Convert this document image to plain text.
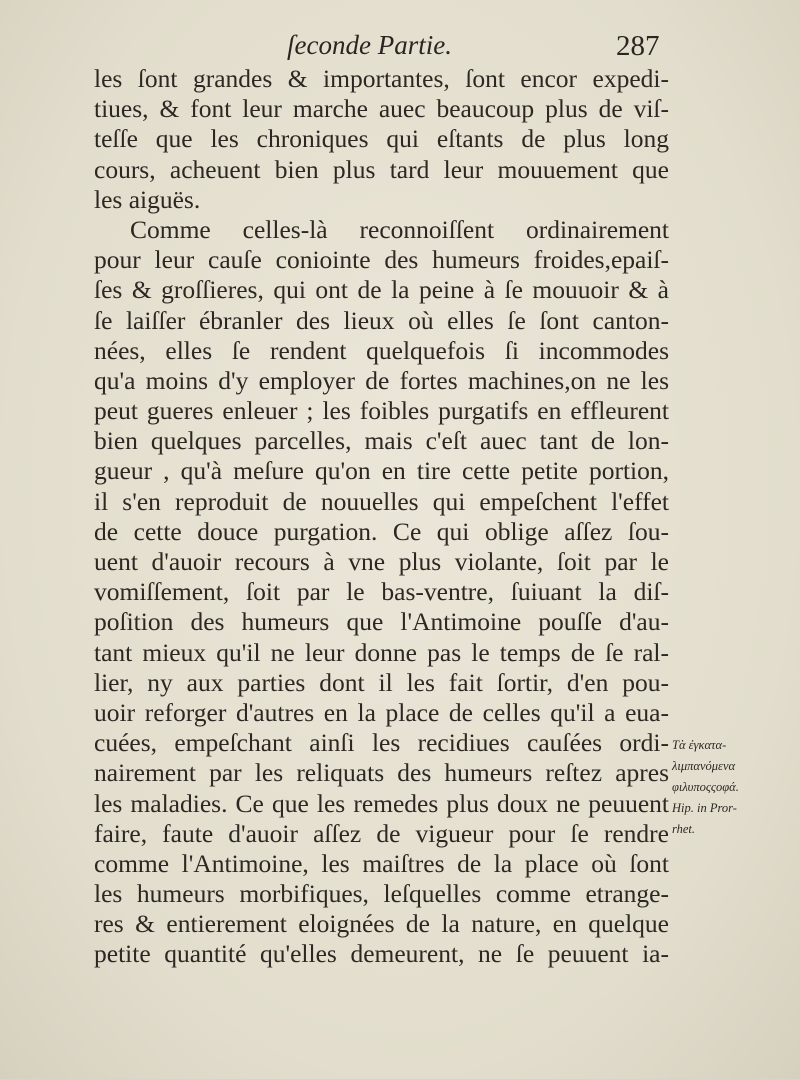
ſeconde Partie.	287
les ſont grandes & importantes, ſont encor expedi-
tiues, & font leur marche auec beaucoup plus de viſ-
teſſe que les chroniques qui eſtants de plus long
cours, acheuent bien plus tard leur mouuement que
les aiguës.
Comme celles-là reconnoiſſent ordinairement
pour leur cauſe coniointe des humeurs froides,epaiſ-
ſes & groſſieres, qui ont de la peine à ſe mouuoir & à
ſe laiſſer ébranler des lieux où elles ſe ſont canton-
nées, elles ſe rendent quelquefois ſi incommodes
qu'a moins d'y employer de fortes machines,on ne les
peut gueres enleuer ; les foibles purgatifs en effleurent
bien quelques parcelles, mais c'eſt auec tant de lon-
gueur , qu'à meſure qu'on en tire cette petite portion,
il s'en reproduit de nouuelles qui empeſchent l'effet
de cette douce purgation. Ce qui oblige aſſez ſou-
uent d'auoir recours à vne plus violante, ſoit par le
vomiſſement, ſoit par le bas-ventre, ſuiuant la diſ-
poſition des humeurs que l'Antimoine pouſſe d'au-
tant mieux qu'il ne leur donne pas le temps de ſe ral-
lier, ny aux parties dont il les fait ſortir, d'en pou-
uoir reforger d'autres en la place de celles qu'il a eua-
cuées, empeſchant ainſi les recidiues cauſées ordi-
nairement par les reliquats des humeurs reſtez apres
les maladies. Ce que les remedes plus doux ne peuuent
faire, faute d'auoir aſſez de vigueur pour ſe rendre
comme l'Antimoine, les maiſtres de la place où ſont
les humeurs morbifiques, leſquelles comme etrange-
res & entierement eloignées de la nature, en quelque
petite quantité qu'elles demeurent, ne ſe peuuent ia-
Τὰ ἐγκατα-
λιμπανόμενα
φιλυποςςοφά.
Hip. in Pror-
rhet.
